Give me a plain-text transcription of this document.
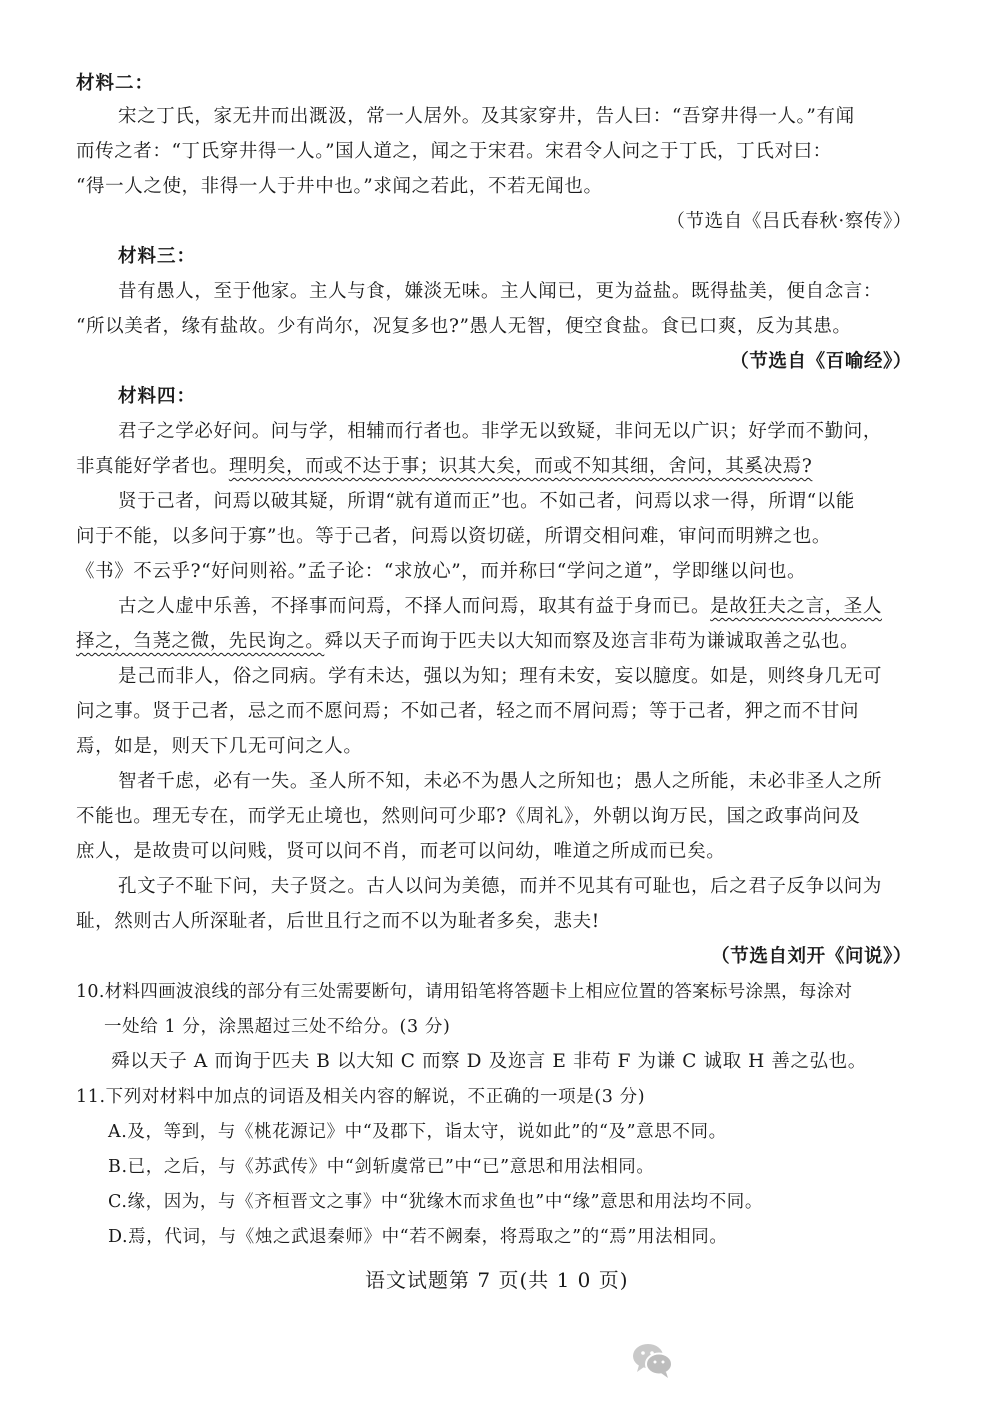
材料二：
宋之丁氏，家无井而出溉汲，常一人居外。及其家穿井，告人曰：“吾穿井得一人。”有闻
而传之者：“丁氏穿井得一人。”国人道之，闻之于宋君。宋君令人问之于丁氏，丁氏对曰：
“得一人之使，非得一人于井中也。”求闻之若此，不若无闻也。
（节选自《吕氏春秋·察传》）
材料三：
昔有愚人，至于他家。主人与食，嫌淡无味。主人闻已，更为益盐。既得盐美，便自念言：
“所以美者，缘有盐故。少有尚尔，况复多也?”愚人无智，便空食盐。食已口爽，反为其患。
（节选自《百喻经》）
材料四：
君子之学必好问。问与学，相辅而行者也。非学无以致疑，非问无以广识；好学而不勤问，
非真能好学者也。理明矣，而或不达于事；识其大矣，而或不知其细，舍问，其奚决焉?
贤于己者，问焉以破其疑，所谓“就有道而正”也。不如己者，问焉以求一得，所谓“以能
问于不能，以多问于寡”也。等于己者，问焉以资切磋，所谓交相问难，审问而明辨之也。
《书》不云乎?“好问则裕。”孟子论：“求放心”，而并称曰“学问之道”，学即继以问也。
古之人虚中乐善，不择事而问焉，不择人而问焉，取其有益于身而已。是故狂夫之言，圣人
择之，刍荛之微，先民询之。舜以天子而询于匹夫以大知而察及迩言非苟为谦诚取善之弘也。
是己而非人，俗之同病。学有未达，强以为知；理有未安，妄以臆度。如是，则终身几无可
问之事。贤于己者，忌之而不愿问焉；不如己者，轻之而不屑问焉；等于己者，狎之而不甘问
焉，如是，则天下几无可问之人。
智者千虑，必有一失。圣人所不知，未必不为愚人之所知也；愚人之所能，未必非圣人之所
不能也。理无专在，而学无止境也，然则问可少耶?《周礼》，外朝以询万民，国之政事尚问及
庶人，是故贵可以问贱，贤可以问不肖，而老可以问幼，唯道之所成而已矣。
孔文子不耻下问，夫子贤之。古人以问为美德，而并不见其有可耻也，后之君子反争以问为
耻，然则古人所深耻者，后世且行之而不以为耻者多矣，悲夫!
（节选自刘开《问说》）
10.材料四画波浪线的部分有三处需要断句，请用铅笔将答题卡上相应位置的答案标号涂黑，每涂对
一处给 1 分，涂黑超过三处不给分。(3 分)
舜以天子 A 而询于匹夫 B 以大知 C 而察 D 及迩言 E 非苟 F 为谦 C 诚取 H 善之弘也。
11.下列对材料中加点的词语及相关内容的解说，不正确的一项是(3 分)
A.及，等到，与《桃花源记》中“及郡下，诣太守，说如此”的“及”意思不同。
B.已，之后，与《苏武传》中“剑斩虞常已”中“已”意思和用法相同。
C.缘，因为，与《齐桓晋文之事》中“犹缘木而求鱼也”中“缘”意思和用法均不同。
D.焉，代词，与《烛之武退秦师》中“若不阙秦，将焉取之”的“焉”用法相同。
语文试题第 7 页(共 1 0 页)
